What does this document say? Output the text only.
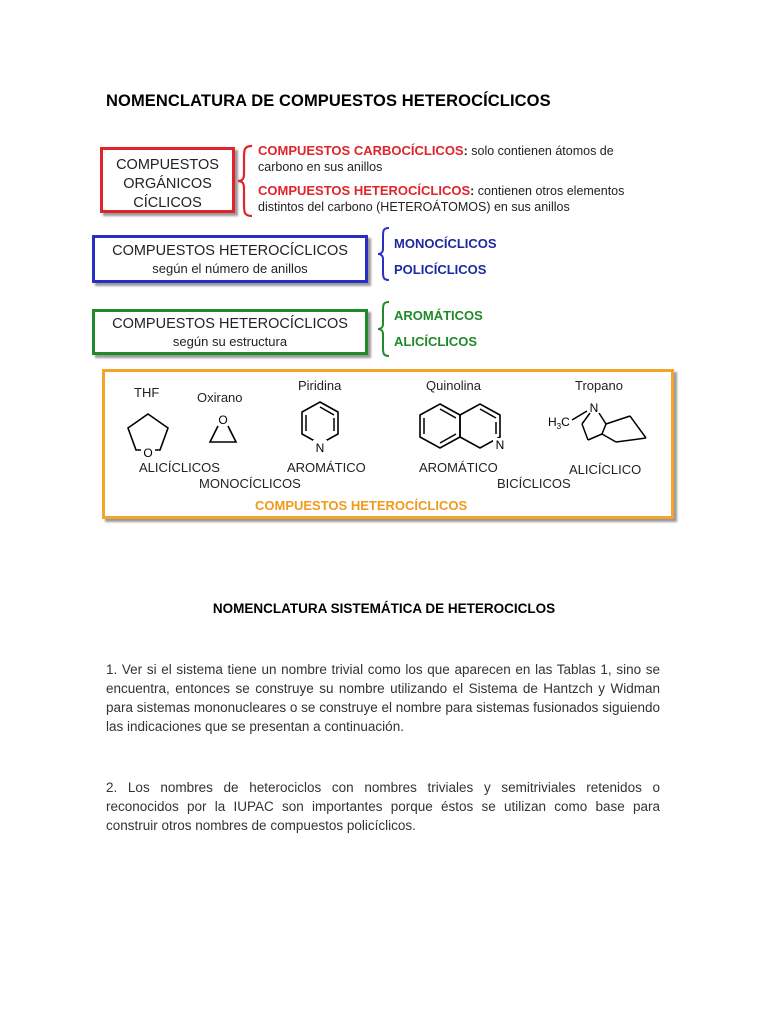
NOMENCLATURA DE COMPUESTOS HETEROCÍCLICOS
COMPUESTOS
ORGÁNICOS
CÍCLICOS
COMPUESTOS CARBOCÍCLICOS: solo contienen átomos de
carbono en sus anillos
COMPUESTOS HETEROCÍCLICOS: contienen otros elementos
distintos del carbono (HETEROÁTOMOS) en sus anillos
COMPUESTOS HETEROCÍCLICOS
según el número de anillos
MONOCÍCLICOS
POLICÍCLICOS
COMPUESTOS HETEROCÍCLICOS
según su estructura
AROMÁTICOS
ALICÍCLICOS
THF	Oxirano
Piridina	Quinolina	Tropano
O
O
N	N
$H_3C$
N
ALICÍCLICOS
MONOCÍCLICOS
AROMÁTICO	AROMÁTICO
BICÍCLICOS
ALICÍCLICO
COMPUESTOS HETEROCÍCLICOS
NOMENCLATURA SISTEMÁTICA DE HETEROCICLOS
1. Ver si el sistema tiene un nombre trivial como los que aparecen en las Tablas 1, sino se encuentra, entonces se construye su nombre utilizando el Sistema de Hantzch y Widman para sistemas mononucleares o se construye el nombre para sistemas fusionados siguiendo las indicaciones que se presentan a continuación.
2. Los nombres de heterociclos con nombres triviales y semitriviales retenidos o reconocidos por la IUPAC son importantes porque éstos se utilizan como base para construir otros nombres de compuestos policíclicos.
